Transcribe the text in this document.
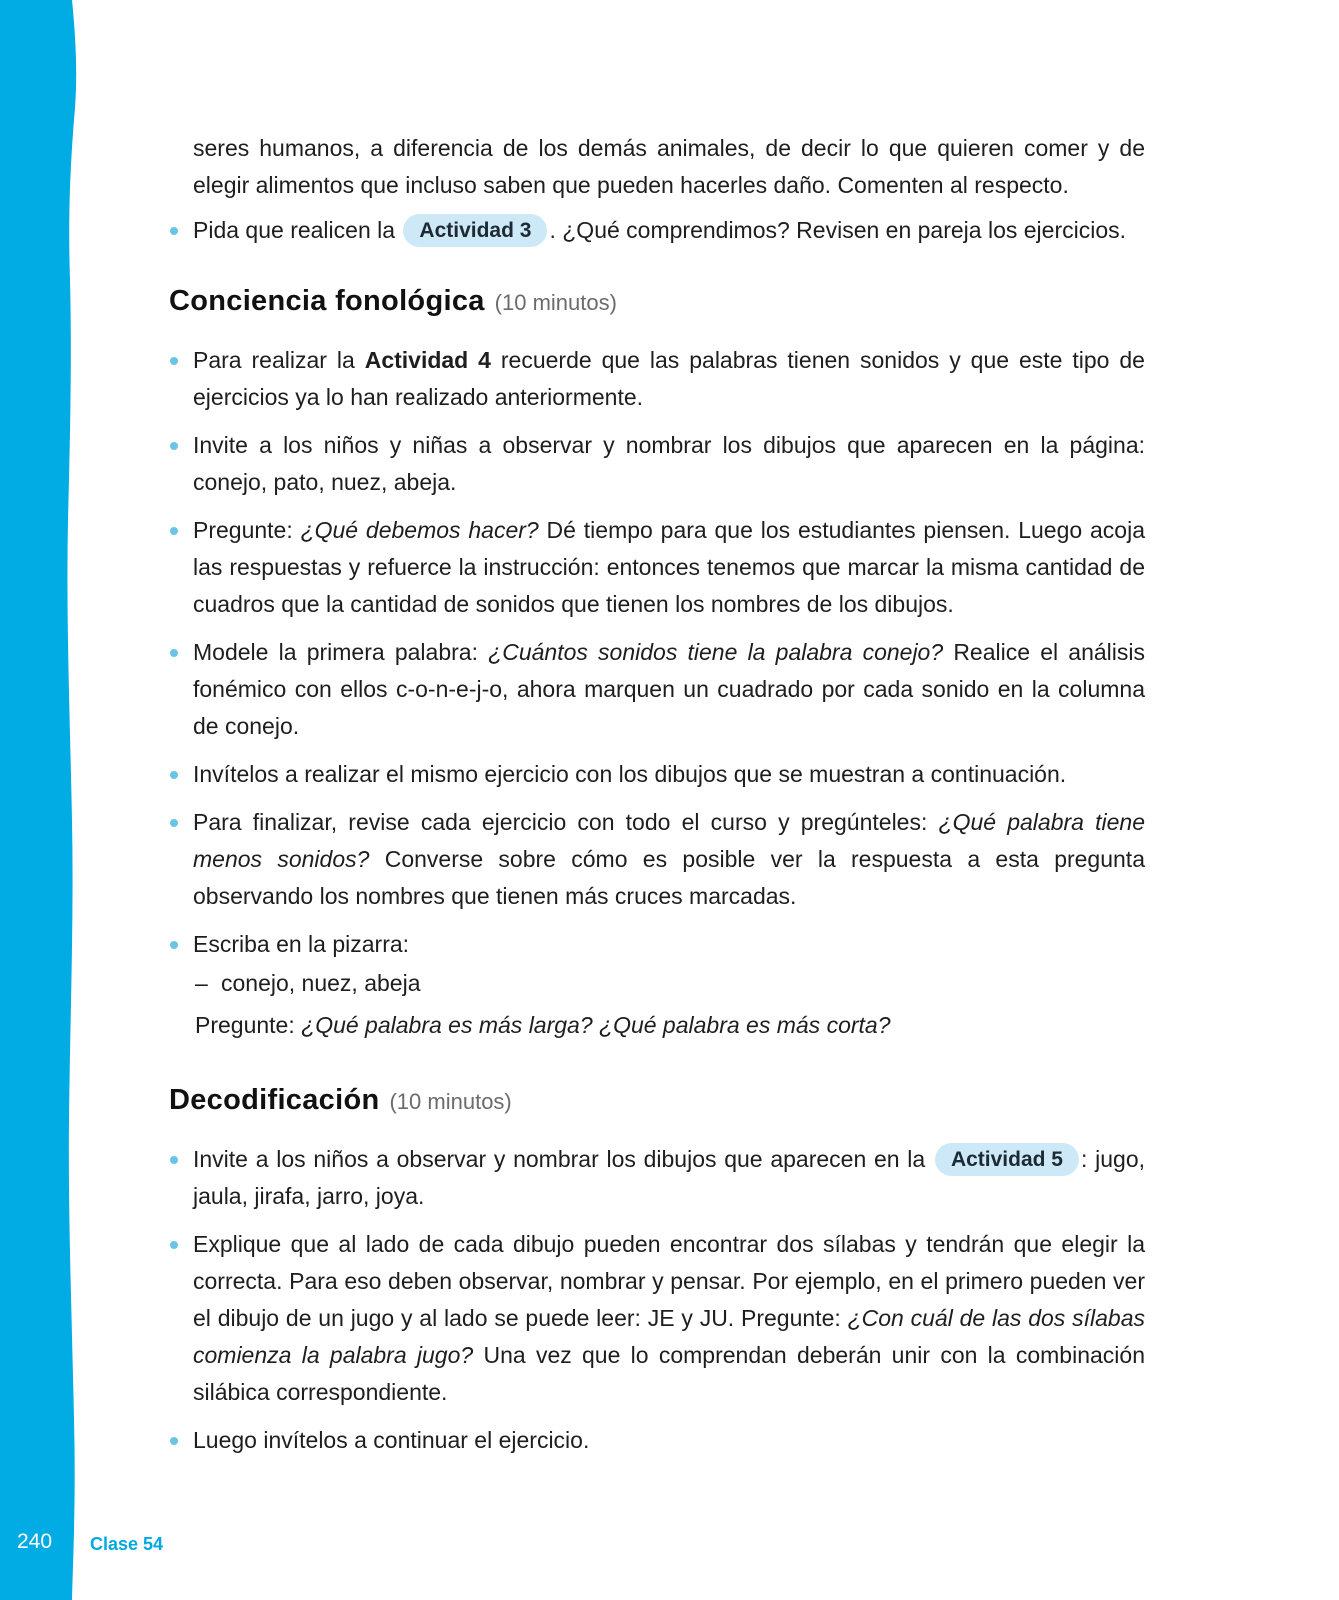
seres humanos, a diferencia de los demás animales, de decir lo que quieren comer y de elegir alimentos que incluso saben que pueden hacerles daño. Comenten al respecto.

Pida que realicen la Actividad 3 . ¿Qué comprendimos? Revisen en pareja los ejercicios.
Conciencia fonológica (10 minutos)
Para realizar la Actividad 4 recuerde que las palabras tienen sonidos y que este tipo de ejercicios ya lo han realizado anteriormente.
Invite a los niños y niñas a observar y nombrar los dibujos que aparecen en la página: conejo, pato, nuez, abeja.
Pregunte: ¿Qué debemos hacer? Dé tiempo para que los estudiantes piensen. Luego acoja las respuestas y refuerce la instrucción: entonces tenemos que marcar la misma cantidad de cuadros que la cantidad de sonidos que tienen los nombres de los dibujos.
Modele la primera palabra: ¿Cuántos sonidos tiene la palabra conejo? Realice el análisis fonémico con ellos c-o-n-e-j-o, ahora marquen un cuadrado por cada sonido en la columna de conejo.
Invítelos a realizar el mismo ejercicio con los dibujos que se muestran a continuación.
Para finalizar, revise cada ejercicio con todo el curso y pregúnteles: ¿Qué palabra tiene menos sonidos? Converse sobre cómo es posible ver la respuesta a esta pregunta observando los nombres que tienen más cruces marcadas.
Escriba en la pizarra:
– conejo, nuez, abeja
Pregunte: ¿Qué palabra es más larga? ¿Qué palabra es más corta?
Decodificación (10 minutos)
Invite a los niños a observar y nombrar los dibujos que aparecen en la Actividad 5 : jugo, jaula, jirafa, jarro, joya.
Explique que al lado de cada dibujo pueden encontrar dos sílabas y tendrán que elegir la correcta. Para eso deben observar, nombrar y pensar. Por ejemplo, en el primero pueden ver el dibujo de un jugo y al lado se puede leer: JE y JU. Pregunte: ¿Con cuál de las dos sílabas comienza la palabra jugo? Una vez que lo comprendan deberán unir con la combinación silábica correspondiente.
Luego invítelos a continuar el ejercicio.
240 Clase 54
